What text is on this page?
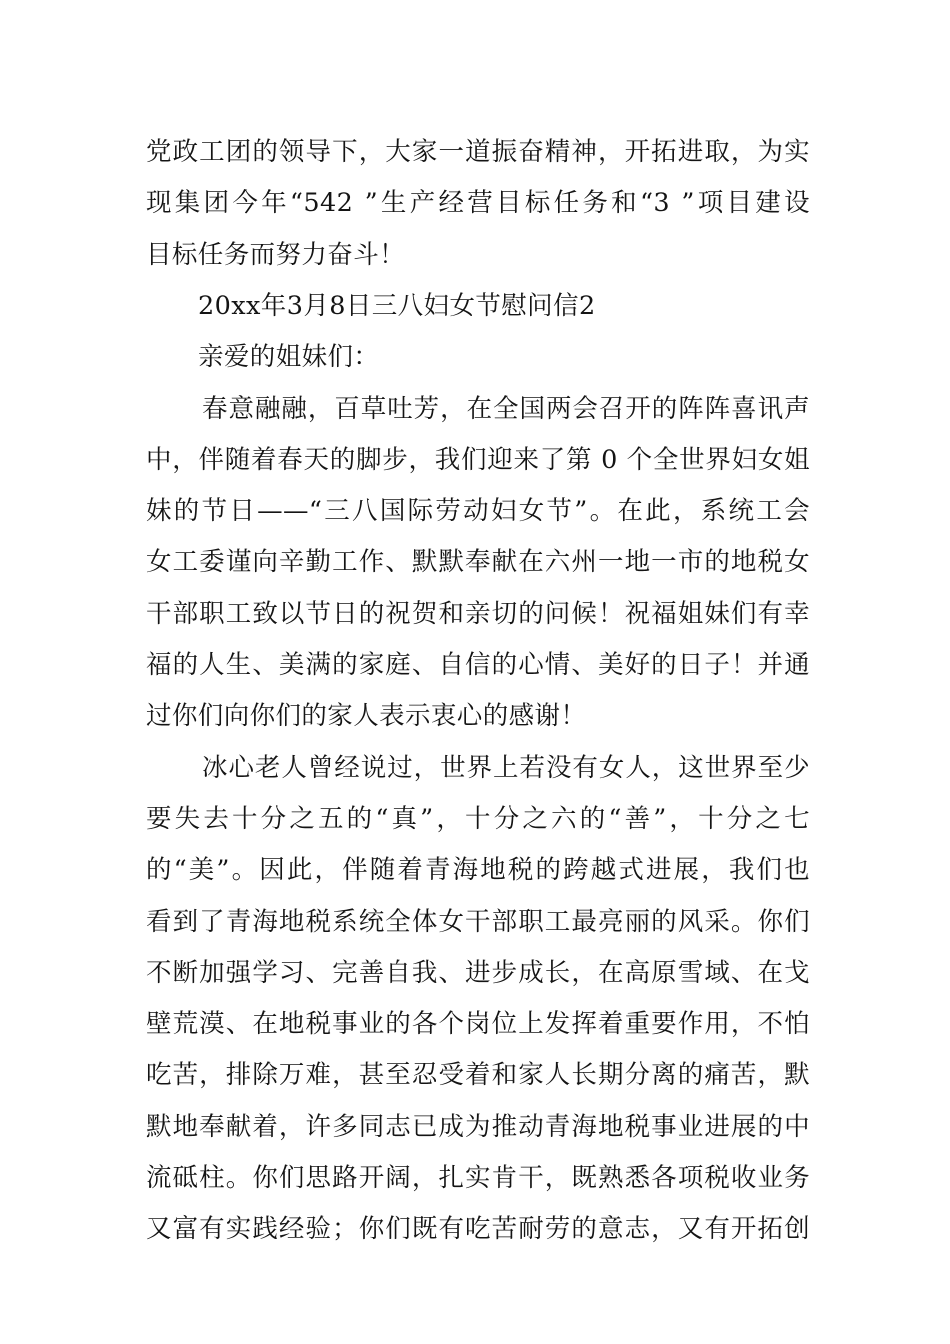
党政工团的领导下，大家一道振奋精神，开拓进取，为实

现集团今年“542 ”生产经营目标任务和“3 ”项目建设

目标任务而努力奋斗！

20xx年3月8日三八妇女节慰问信2

亲爱的姐妹们：

春意融融，百草吐芳，在全国两会召开的阵阵喜讯声

中，伴随着春天的脚步，我们迎来了第 0 个全世界妇女姐

妹的节日——“三八国际劳动妇女节”。在此，系统工会

女工委谨向辛勤工作、默默奉献在六州一地一市的地税女

干部职工致以节日的祝贺和亲切的问候！祝福姐妹们有幸

福的人生、美满的家庭、自信的心情、美好的日子！并通

过你们向你们的家人表示衷心的感谢！

冰心老人曾经说过，世界上若没有女人，这世界至少

要失去十分之五的“真”，十分之六的“善”，十分之七

的“美”。因此，伴随着青海地税的跨越式进展，我们也

看到了青海地税系统全体女干部职工最亮丽的风采。你们

不断加强学习、完善自我、进步成长，在高原雪域、在戈

壁荒漠、在地税事业的各个岗位上发挥着重要作用，不怕

吃苦，排除万难，甚至忍受着和家人长期分离的痛苦，默

默地奉献着，许多同志已成为推动青海地税事业进展的中

流砥柱。你们思路开阔，扎实肯干，既熟悉各项税收业务

又富有实践经验；你们既有吃苦耐劳的意志，又有开拓创
